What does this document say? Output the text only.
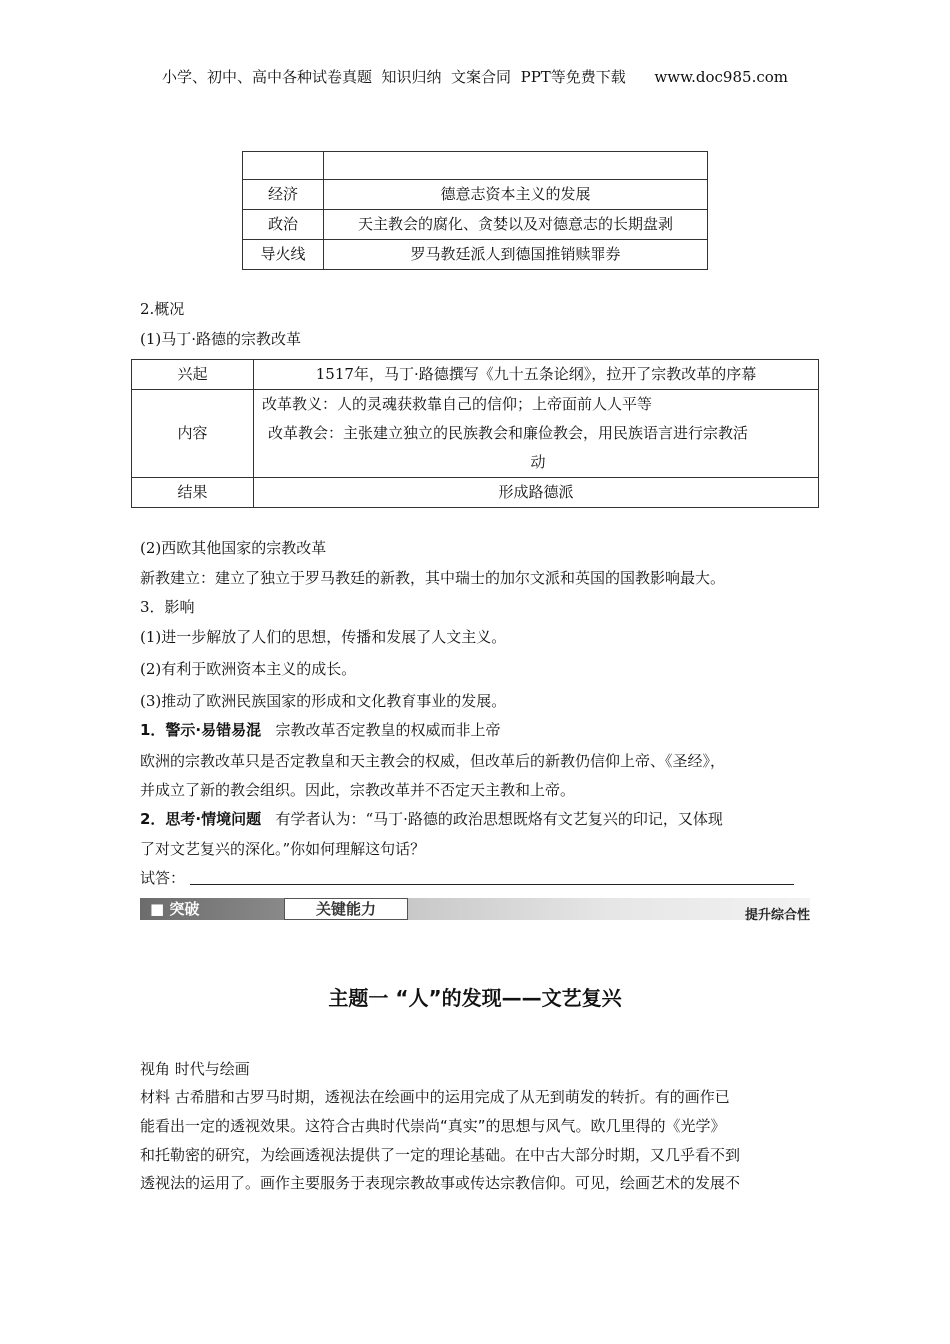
小学、初中、高中各种试卷真题  知识归纳  文案合同  PPT等免费下载      www.doc985.com

经济	德意志资本主义的发展
政治	天主教会的腐化、贪婪以及对德意志的长期盘剥
导火线	罗马教廷派人到德国推销赎罪券
2.概况
(1)马丁·路德的宗教改革
兴起	1517年，马丁·路德撰写《九十五条论纲》，拉开了宗教改革的序幕
内容	改革教义：人的灵魂获救靠自己的信仰；上帝面前人人平等
改革教会：主张建立独立的民族教会和廉俭教会，用民族语言进行宗教活
动

结果	形成路德派
(2)西欧其他国家的宗教改革
新教建立：建立了独立于罗马教廷的新教，其中瑞士的加尔文派和英国的国教影响最大。
3．影响
(1)进一步解放了人们的思想，传播和发展了人文主义。
(2)有利于欧洲资本主义的成长。
(3)推动了欧洲民族国家的形成和文化教育事业的发展。
1．警示·易错易混 宗教改革否定教皇的权威而非上帝
欧洲的宗教改革只是否定教皇和天主教会的权威，但改革后的新教仍信仰上帝、《圣经》，
并成立了新的教会组织。因此，宗教改革并不否定天主教和上帝。
2．思考·情境问题 有学者认为：“马丁·路德的政治思想既烙有文艺复兴的印记，又体现
了对文艺复兴的深化。”你如何理解这句话？
试答：
■ 突破	关键能力	提升综合性
主题一 “人”的发现——文艺复兴
视角 时代与绘画
材料 古希腊和古罗马时期，透视法在绘画中的运用完成了从无到萌发的转折。有的画作已
能看出一定的透视效果。这符合古典时代崇尚“真实”的思想与风气。欧几里得的《光学》
和托勒密的研究，为绘画透视法提供了一定的理论基础。在中古大部分时期，又几乎看不到
透视法的运用了。画作主要服务于表现宗教故事或传达宗教信仰。可见，绘画艺术的发展不
